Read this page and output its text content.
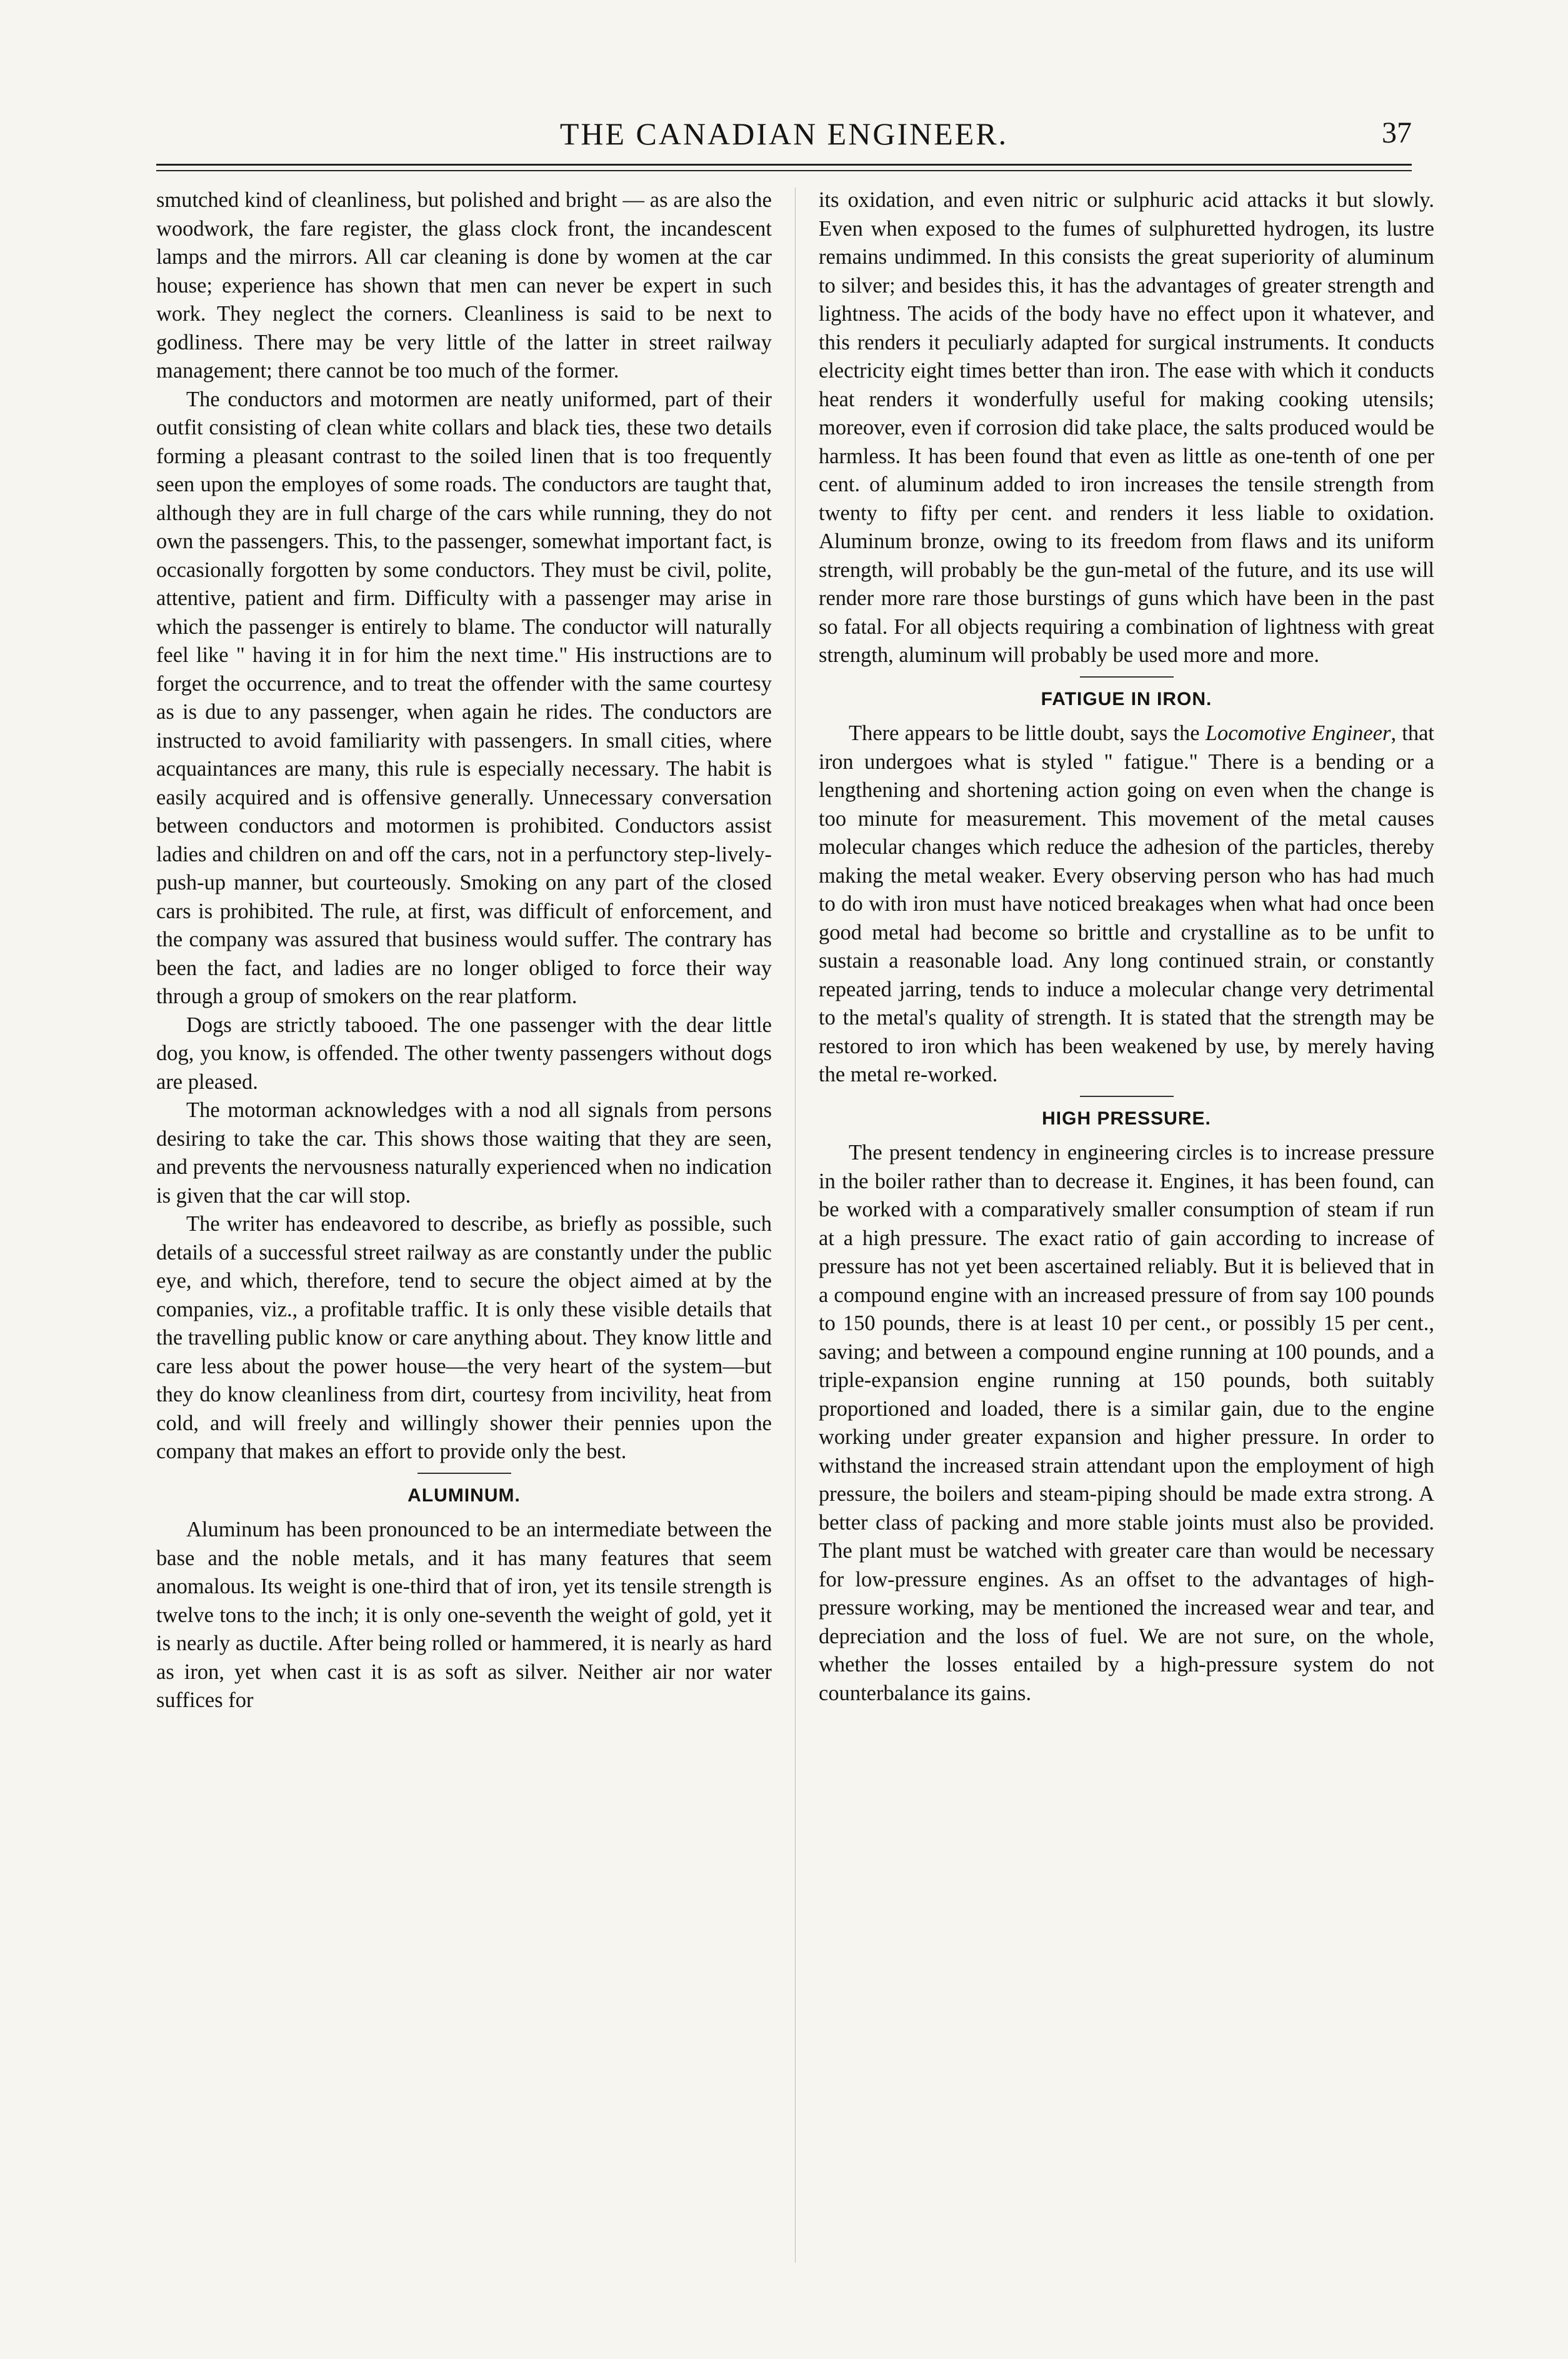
THE CANADIAN ENGINEER.	37

smutched kind of cleanliness, but polished and bright — as are also the woodwork, the fare register, the glass clock front, the incandescent lamps and the mirrors. All car cleaning is done by women at the car house; experience has shown that men can never be expert in such work. They neglect the corners. Cleanliness is said to be next to godliness. There may be very little of the latter in street railway management; there cannot be too much of the former.

The conductors and motormen are neatly uniformed, part of their outfit consisting of clean white collars and black ties, these two details forming a pleasant contrast to the soiled linen that is too frequently seen upon the employes of some roads. The conductors are taught that, although they are in full charge of the cars while running, they do not own the passengers. This, to the passenger, somewhat important fact, is occasionally forgotten by some conductors. They must be civil, polite, attentive, patient and firm. Difficulty with a passenger may arise in which the passenger is entirely to blame. The conductor will naturally feel like " having it in for him the next time." His instructions are to forget the occurrence, and to treat the offender with the same courtesy as is due to any passenger, when again he rides. The conductors are instructed to avoid familiarity with passengers. In small cities, where acquaintances are many, this rule is especially necessary. The habit is easily acquired and is offensive generally. Unnecessary conversation between conductors and motormen is prohibited. Conductors assist ladies and children on and off the cars, not in a perfunctory step-lively-push-up manner, but courteously. Smoking on any part of the closed cars is prohibited. The rule, at first, was difficult of enforcement, and the company was assured that business would suffer. The contrary has been the fact, and ladies are no longer obliged to force their way through a group of smokers on the rear platform.

Dogs are strictly tabooed. The one passenger with the dear little dog, you know, is offended. The other twenty passengers without dogs are pleased.

The motorman acknowledges with a nod all signals from persons desiring to take the car. This shows those waiting that they are seen, and prevents the nervousness naturally experienced when no indication is given that the car will stop.

The writer has endeavored to describe, as briefly as possible, such details of a successful street railway as are constantly under the public eye, and which, therefore, tend to secure the object aimed at by the companies, viz., a profitable traffic. It is only these visible details that the travelling public know or care anything about. They know little and care less about the power house—the very heart of the system—but they do know cleanliness from dirt, courtesy from incivility, heat from cold, and will freely and willingly shower their pennies upon the company that makes an effort to provide only the best.

ALUMINUM.

Aluminum has been pronounced to be an intermediate between the base and the noble metals, and it has many features that seem anomalous. Its weight is one-third that of iron, yet its tensile strength is twelve tons to the inch; it is only one-seventh the weight of gold, yet it is nearly as ductile. After being rolled or hammered, it is nearly as hard as iron, yet when cast it is as soft as silver. Neither air nor water suffices for

its oxidation, and even nitric or sulphuric acid attacks it but slowly. Even when exposed to the fumes of sulphuretted hydrogen, its lustre remains undimmed. In this consists the great superiority of aluminum to silver; and besides this, it has the advantages of greater strength and lightness. The acids of the body have no effect upon it whatever, and this renders it peculiarly adapted for surgical instruments. It conducts electricity eight times better than iron. The ease with which it conducts heat renders it wonderfully useful for making cooking utensils; moreover, even if corrosion did take place, the salts produced would be harmless. It has been found that even as little as one-tenth of one per cent. of aluminum added to iron increases the tensile strength from twenty to fifty per cent. and renders it less liable to oxidation. Aluminum bronze, owing to its freedom from flaws and its uniform strength, will probably be the gun-metal of the future, and its use will render more rare those burstings of guns which have been in the past so fatal. For all objects requiring a combination of lightness with great strength, aluminum will probably be used more and more.

FATIGUE IN IRON.

There appears to be little doubt, says the Locomotive Engineer, that iron undergoes what is styled " fatigue." There is a bending or a lengthening and shortening action going on even when the change is too minute for measurement. This movement of the metal causes molecular changes which reduce the adhesion of the particles, thereby making the metal weaker. Every observing person who has had much to do with iron must have noticed breakages when what had once been good metal had become so brittle and crystalline as to be unfit to sustain a reasonable load. Any long continued strain, or constantly repeated jarring, tends to induce a molecular change very detrimental to the metal's quality of strength. It is stated that the strength may be restored to iron which has been weakened by use, by merely having the metal re-worked.

HIGH PRESSURE.

The present tendency in engineering circles is to increase pressure in the boiler rather than to decrease it. Engines, it has been found, can be worked with a comparatively smaller consumption of steam if run at a high pressure. The exact ratio of gain according to increase of pressure has not yet been ascertained reliably. But it is believed that in a compound engine with an increased pressure of from say 100 pounds to 150 pounds, there is at least 10 per cent., or possibly 15 per cent., saving; and between a compound engine running at 100 pounds, and a triple-expansion engine running at 150 pounds, both suitably proportioned and loaded, there is a similar gain, due to the engine working under greater expansion and higher pressure. In order to withstand the increased strain attendant upon the employment of high pressure, the boilers and steam-piping should be made extra strong. A better class of packing and more stable joints must also be provided. The plant must be watched with greater care than would be necessary for low-pressure engines. As an offset to the advantages of high-pressure working, may be mentioned the increased wear and tear, and depreciation and the loss of fuel. We are not sure, on the whole, whether the losses entailed by a high-pressure system do not counterbalance its gains.
